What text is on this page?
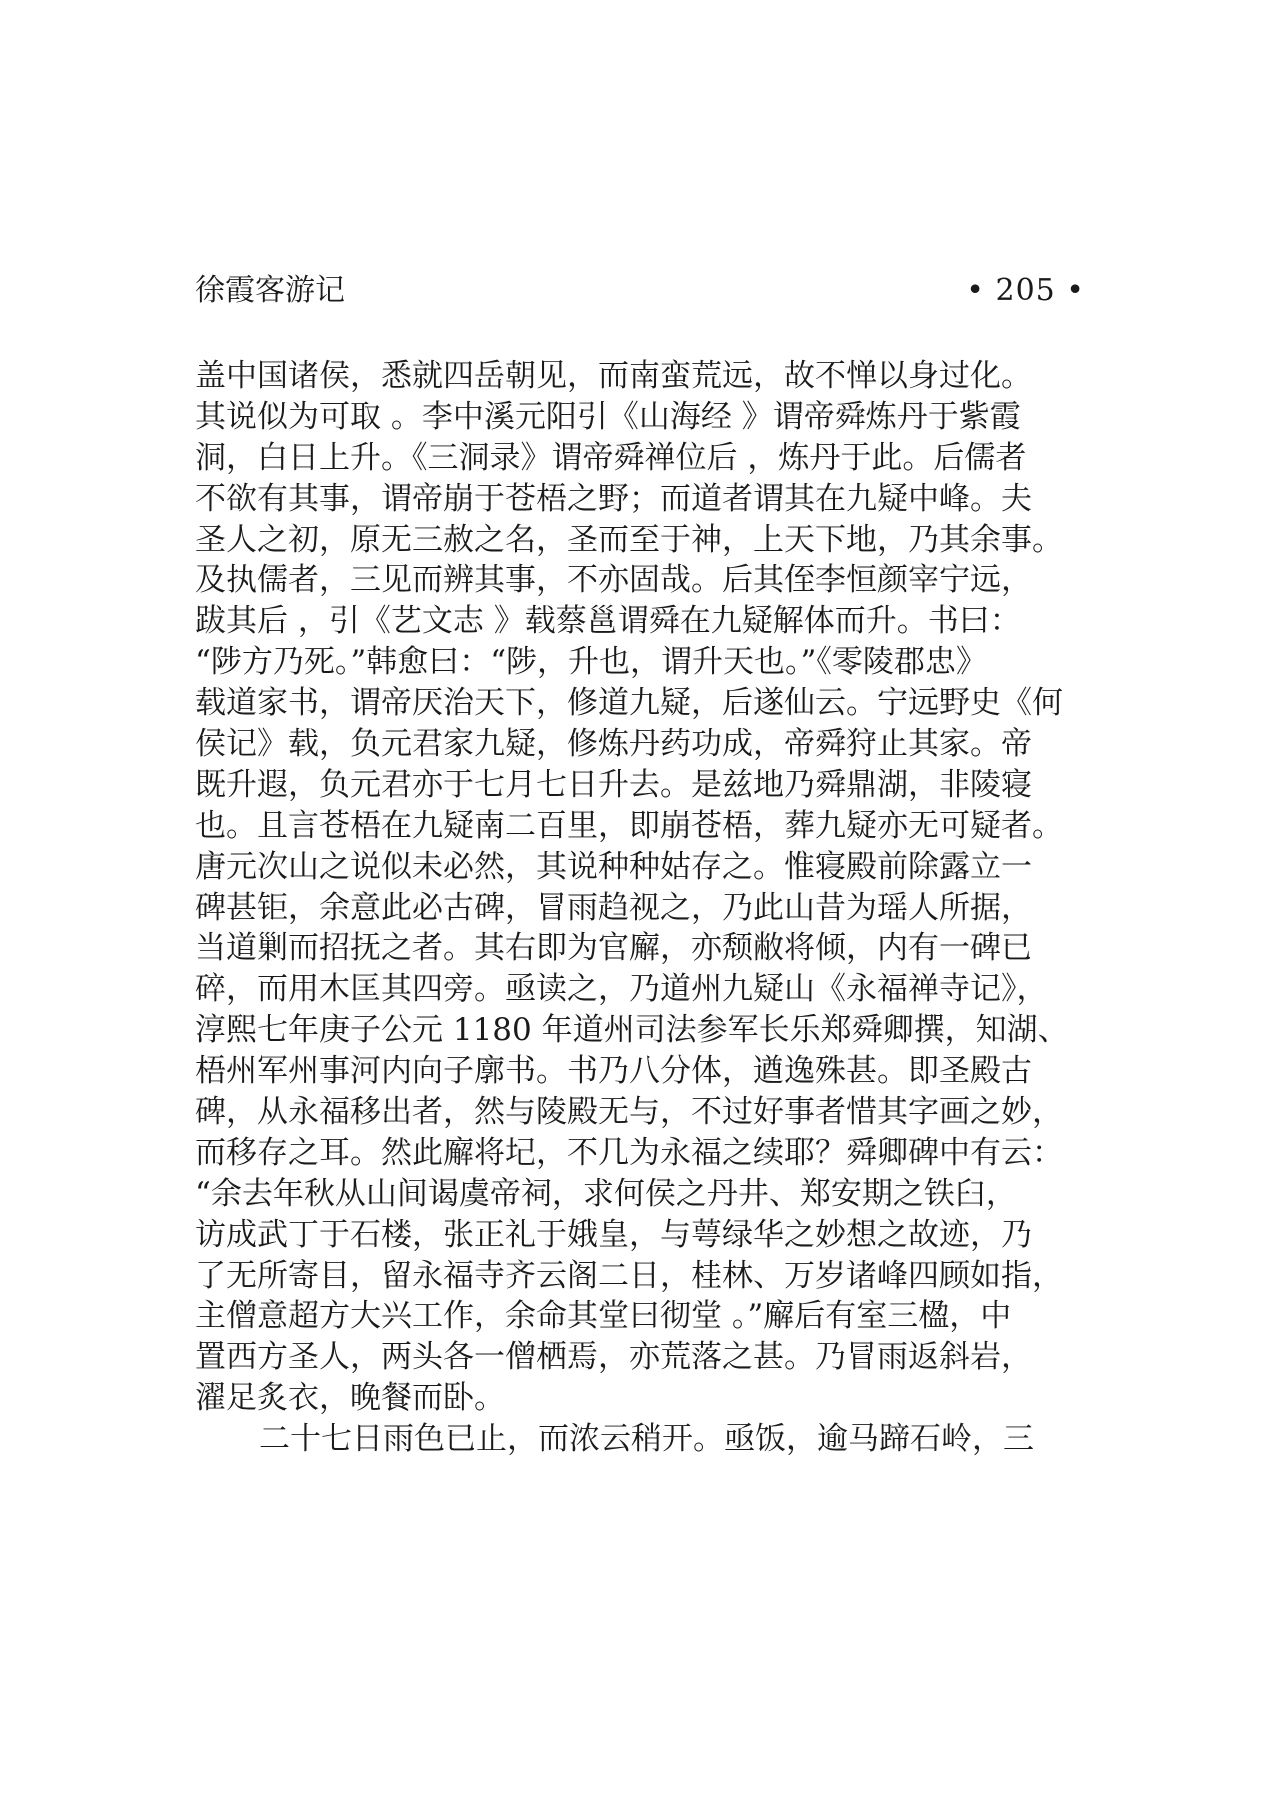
徐霞客游记	• 205 •
盖中国诸侯，悉就四岳朝见，而南蛮荒远，故不惮以身过化。
其说似为可取 。李中溪元阳引《山海经 》谓帝舜炼丹于紫霞
洞，白日上升。《三洞录》谓帝舜禅位后 ，炼丹于此。后儒者
不欲有其事，谓帝崩于苍梧之野；而道者谓其在九疑中峰。夫
圣人之初，原无三赦之名，圣而至于神，上天下地，乃其余事。
及执儒者，三见而辨其事，不亦固哉。后其侄李恒颜宰宁远，
跋其后 ，引《艺文志 》载蔡邕谓舜在九疑解体而升。书曰：
“陟方乃死。”韩愈曰：“陟，升也，谓升天也。”《零陵郡忠》
载道家书，谓帝厌治天下，修道九疑，后遂仙云。宁远野史《何
侯记》载，负元君家九疑，修炼丹药功成，帝舜狩止其家。帝
既升遐，负元君亦于七月七日升去。是兹地乃舜鼎湖，非陵寝
也。且言苍梧在九疑南二百里，即崩苍梧，葬九疑亦无可疑者。
唐元次山之说似未必然，其说种种姑存之。惟寝殿前除露立一
碑甚钜，余意此必古碑，冒雨趋视之，乃此山昔为瑶人所据，
当道剿而招抚之者。其右即为官廨，亦颓敝将倾，内有一碑已
碎，而用木匡其四旁。亟读之，乃道州九疑山《永福禅寺记》，
淳熙七年庚子公元 1180 年道州司法参军长乐郑舜卿撰，知湖、
梧州军州事河内向子廓书。书乃八分体，遒逸殊甚。即圣殿古
碑，从永福移出者，然与陵殿无与，不过好事者惜其字画之妙，
而移存之耳。然此廨将圮，不几为永福之续耶？舜卿碑中有云：
“余去年秋从山间谒虞帝祠，求何侯之丹井、郑安期之铁臼，
访成武丁于石楼，张正礼于娥皇，与萼绿华之妙想之故迹，乃
了无所寄目，留永福寺齐云阁二日，桂林、万岁诸峰四顾如指，
主僧意超方大兴工作，余命其堂曰彻堂 。”廨后有室三楹，中
置西方圣人，两头各一僧栖焉，亦荒落之甚。乃冒雨返斜岩，
濯足炙衣，晚餐而卧。
二十七日雨色已止，而浓云稍开。亟饭，逾马蹄石岭，三
